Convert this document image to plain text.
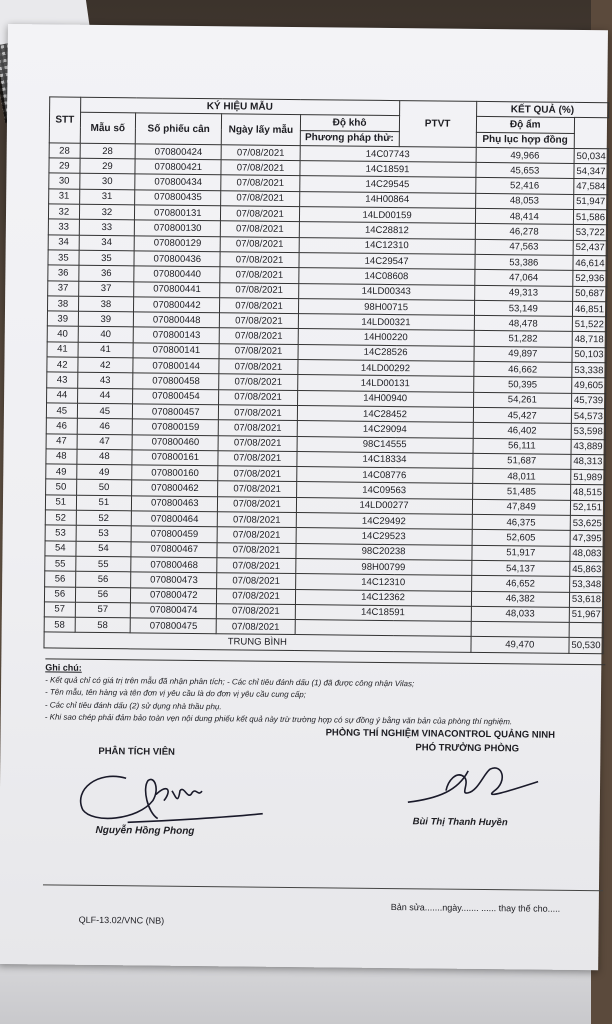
STT	KÝ HIỆU MẪU				PTVT	KẾT QUẢ (%)	
	Mẫu số	Số phiếu cân	Ngày lấy mẫu	Độ khô		Độ ẩm	
				Phương pháp thử:		Phụ lục hợp đồng	
28	28	070800424	07/08/2021	14C07743		49,966	50,034
29	29	070800421	07/08/2021	14C18591		45,653	54,347
30	30	070800434	07/08/2021	14C29545		52,416	47,584
31	31	070800435	07/08/2021	14H00864		48,053	51,947
32	32	070800131	07/08/2021	14LD00159		48,414	51,586
33	33	070800130	07/08/2021	14C28812		46,278	53,722
34	34	070800129	07/08/2021	14C12310		47,563	52,437
35	35	070800436	07/08/2021	14C29547		53,386	46,614
36	36	070800440	07/08/2021	14C08608		47,064	52,936
37	37	070800441	07/08/2021	14LD00343		49,313	50,687
38	38	070800442	07/08/2021	98H00715		53,149	46,851
39	39	070800448	07/08/2021	14LD00321		48,478	51,522
40	40	070800143	07/08/2021	14H00220		51,282	48,718
41	41	070800141	07/08/2021	14C28526		49,897	50,103
42	42	070800144	07/08/2021	14LD00292		46,662	53,338
43	43	070800458	07/08/2021	14LD00131		50,395	49,605
44	44	070800454	07/08/2021	14H00940		54,261	45,739
45	45	070800457	07/08/2021	14C28452		45,427	54,573
46	46	070800159	07/08/2021	14C29094		46,402	53,598
47	47	070800460	07/08/2021	98C14555		56,111	43,889
48	48	070800161	07/08/2021	14C18334		51,687	48,313
49	49	070800160	07/08/2021	14C08776		48,011	51,989
50	50	070800462	07/08/2021	14C09563		51,485	48,515
51	51	070800463	07/08/2021	14LD00277		47,849	52,151
52	52	070800464	07/08/2021	14C29492		46,375	53,625
53	53	070800459	07/08/2021	14C29523		52,605	47,395
54	54	070800467	07/08/2021	98C20238		51,917	48,083
55	55	070800468	07/08/2021	98H00799		54,137	45,863
56	56	070800473	07/08/2021	14C12310		46,652	53,348
56	56	070800472	07/08/2021	14C12362		46,382	53,618
57	57	070800474	07/08/2021	14C18591		48,033	51,967
58	58	070800475	07/08/2021				
TRUNG BÌNH						49,470	50,530
Ghi chú:
- Kết quả chỉ có giá trị trên mẫu đã nhận phân tích; - Các chỉ tiêu đánh dấu (1) đã được công nhận Vilas;
- Tên mẫu, tên hàng và tên đơn vị yêu cầu là do đơn vị yêu cầu cung cấp;
- Các chỉ tiêu đánh dấu (2) sử dụng nhà thầu phụ.
- Khi sao chép phải đảm bảo toàn vẹn nội dung phiếu kết quả này trừ trường hợp có sự đồng ý bằng văn bản của phòng thí nghiệm.
PHÒNG THÍ NGHIỆM VINACONTROL QUẢNG NINH
PHÓ TRƯỞNG PHÒNG
PHÂN TÍCH VIÊN
Nguyễn Hồng Phong
Bùi Thị Thanh Huyền
Bản sửa.......ngày....... ...... thay thế cho.....
QLF-13.02/VNC (NB)
